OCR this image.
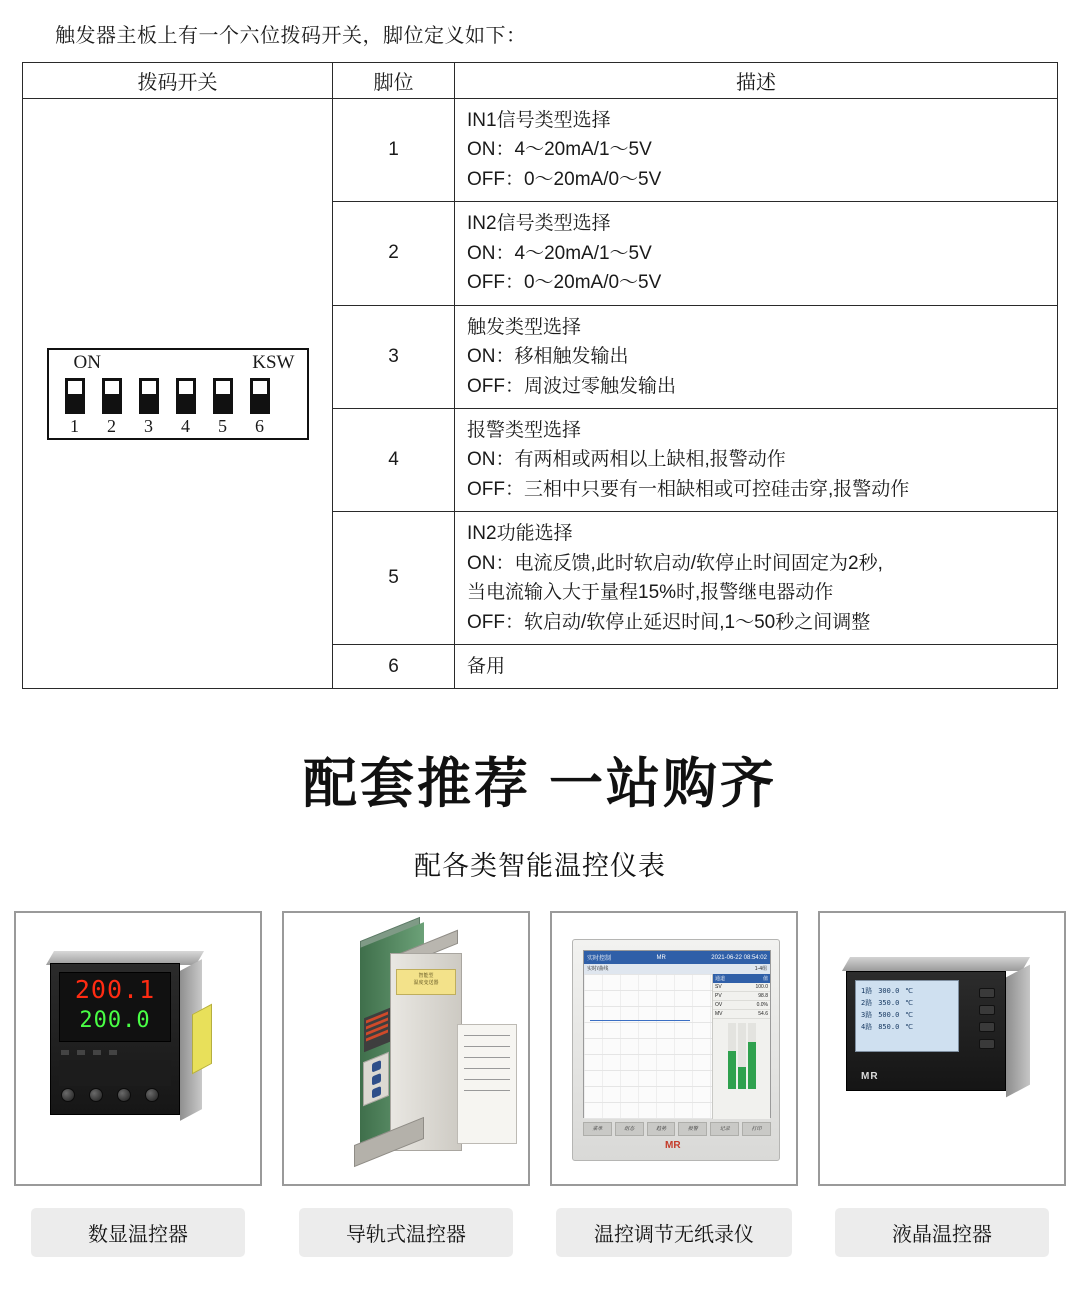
触发器主板上有一个六位拨码开关，脚位定义如下：
拨码开关	脚位	描述

ON	KSW
1	2	3	4	5	6
	1	
IN1信号类型选择
ON：4～20mA/1～5V
OFF：0～20mA/0～5V

	2	IN2信号类型选择
ON：4～20mA/1～5V
OFF：0～20mA/0～5V

	3	触发类型选择
ON：移相触发输出
OFF：周波过零触发输出

	4	报警类型选择
ON：有两相或两相以上缺相,报警动作
OFF：三相中只要有一相缺相或可控硅击穿,报警动作

	5	IN2功能选择
ON：电流反馈,此时软启动/软停止时间固定为2秒,
当电流输入大于量程15%时,报警继电器动作
OFF：软启动/软停止延迟时间,1～50秒之间调整

	6	备用
配套推荐 一站购齐
配各类智能温控仪表
200.1
200.0
数显温控器
智能型
温度变送器
导轨式温控器
实时控制	MR	2021-06-22 08:54:02
实时/曲线	1-4组
通道	值
SV	100.0
PV	98.8
OV	0.0%
MV	54.6
菜单	组态	趋势	报警	记录	打印
MR
温控调节无纸录仪
1路 300.0 ℃
2路 350.0 ℃
3路 500.0 ℃
4路 850.0 ℃
MR
液晶温控器
